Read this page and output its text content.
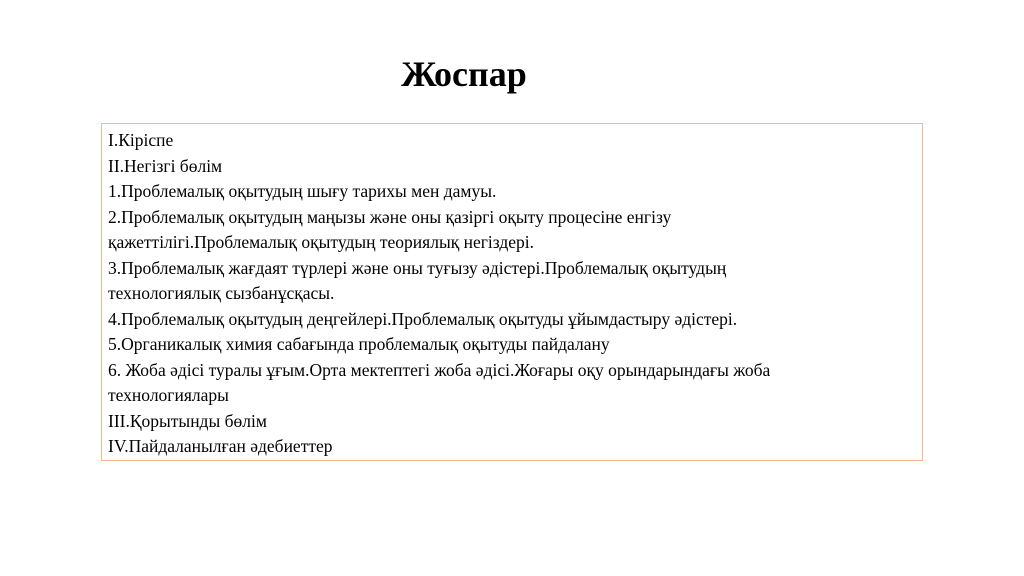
Жоспар
I.Кіріспе
II.Негізгі бөлім
1.Проблемалық оқытудың шығу тарихы мен дамуы.
2.Проблемалық оқытудың маңызы және оны қазіргі оқыту процесіне енгізу
қажеттілігі.Проблемалық оқытудың теориялық негіздері.
3.Проблемалық жағдаят түрлері және оны туғызу әдістері.Проблемалық оқытудың
технологиялық сызбанұсқасы.
4.Проблемалық оқытудың деңгейлері.Проблемалық оқытуды ұйымдастыру әдістері.
5.Органикалық химия сабағында проблемалық оқытуды пайдалану
6. Жоба әдісі туралы ұғым.Орта мектептегі жоба әдісі.Жоғары оқу орындарындағы жоба
технологиялары
III.Қорытынды бөлім
IV.Пайдаланылған әдебиеттер
